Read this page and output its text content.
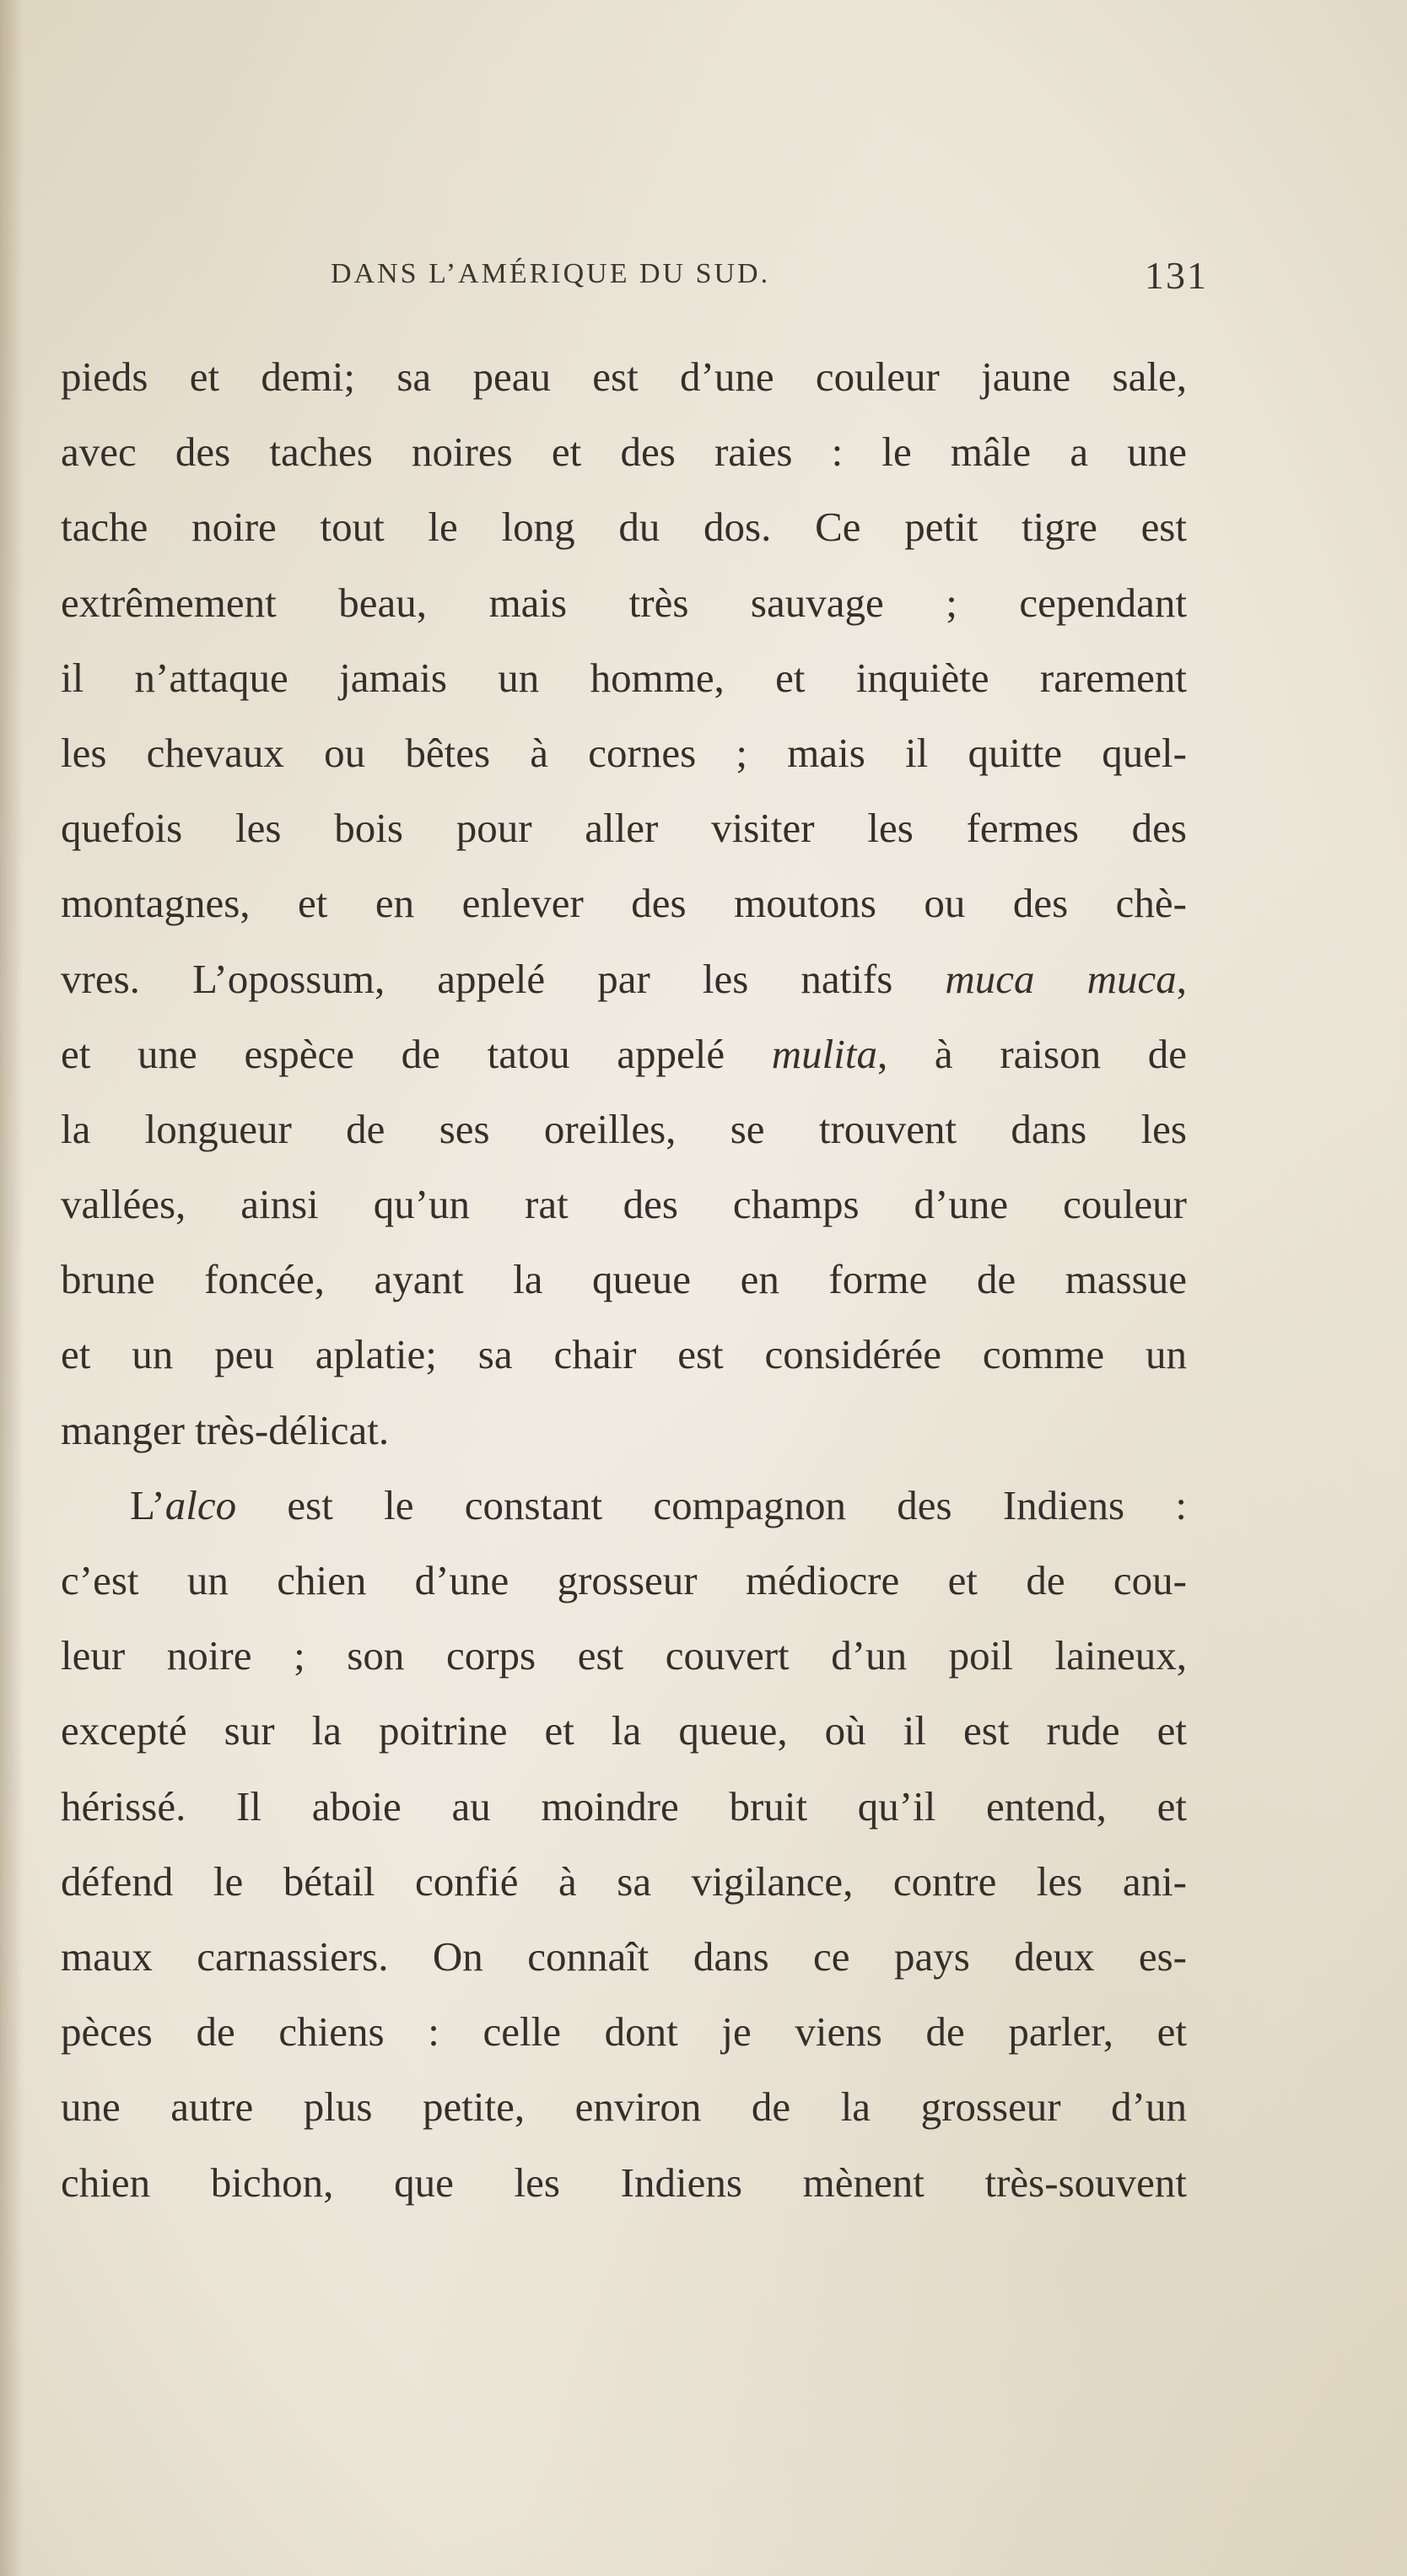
DANS L’AMÉRIQUE DU SUD.	131
pieds et demi; sa peau est d’une couleur jaune sale,
avec des taches noires et des raies : le mâle a une
tache noire tout le long du dos. Ce petit tigre est
extrêmement beau, mais très sauvage ; cependant
il n’attaque jamais un homme, et inquiète rarement
les chevaux ou bêtes à cornes ; mais il quitte quel-
quefois les bois pour aller visiter les fermes des
montagnes, et en enlever des moutons ou des chè-
vres. L’opossum, appelé par les natifs muca muca,
et une espèce de tatou appelé mulita, à raison de
la longueur de ses oreilles, se trouvent dans les
vallées, ainsi qu’un rat des champs d’une couleur
brune foncée, ayant la queue en forme de massue
et un peu aplatie; sa chair est considérée comme un
manger très-délicat.
L’alco est le constant compagnon des Indiens :
c’est un chien d’une grosseur médiocre et de cou-
leur noire ; son corps est couvert d’un poil laineux,
excepté sur la poitrine et la queue, où il est rude et
hérissé. Il aboie au moindre bruit qu’il entend, et
défend le bétail confié à sa vigilance, contre les ani-
maux carnassiers. On connaît dans ce pays deux es-
pèces de chiens : celle dont je viens de parler, et
une autre plus petite, environ de la grosseur d’un
chien bichon, que les Indiens mènent très-souvent
